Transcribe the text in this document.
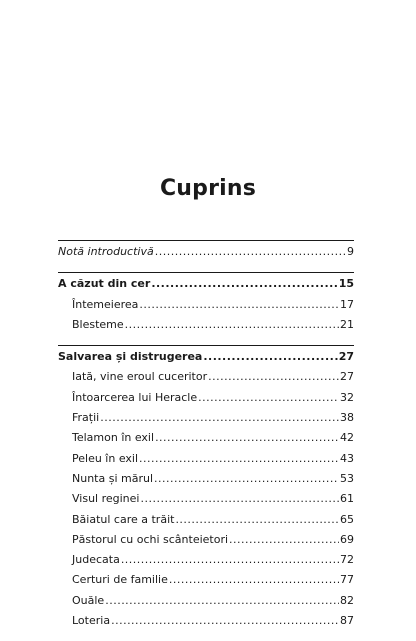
Cuprins
Notă introductivă .....	9
A căzut din cer .....	15
Întemeierea .....	17
Blesteme .....	21
Salvarea și distrugerea .....	27
Iată, vine eroul cuceritor .....	27
Întoarcerea lui Heracle .....	32
Frații .....	38
Telamon în exil .....	42
Peleu în exil .....	43
Nunta și mărul .....	53
Visul reginei .....	61
Băiatul care a trăit .....	65
Păstorul cu ochi scânteietori .....	69
Judecata .....	72
Certuri de familie .....	77
Ouăle .....	82
Loteria .....	87
